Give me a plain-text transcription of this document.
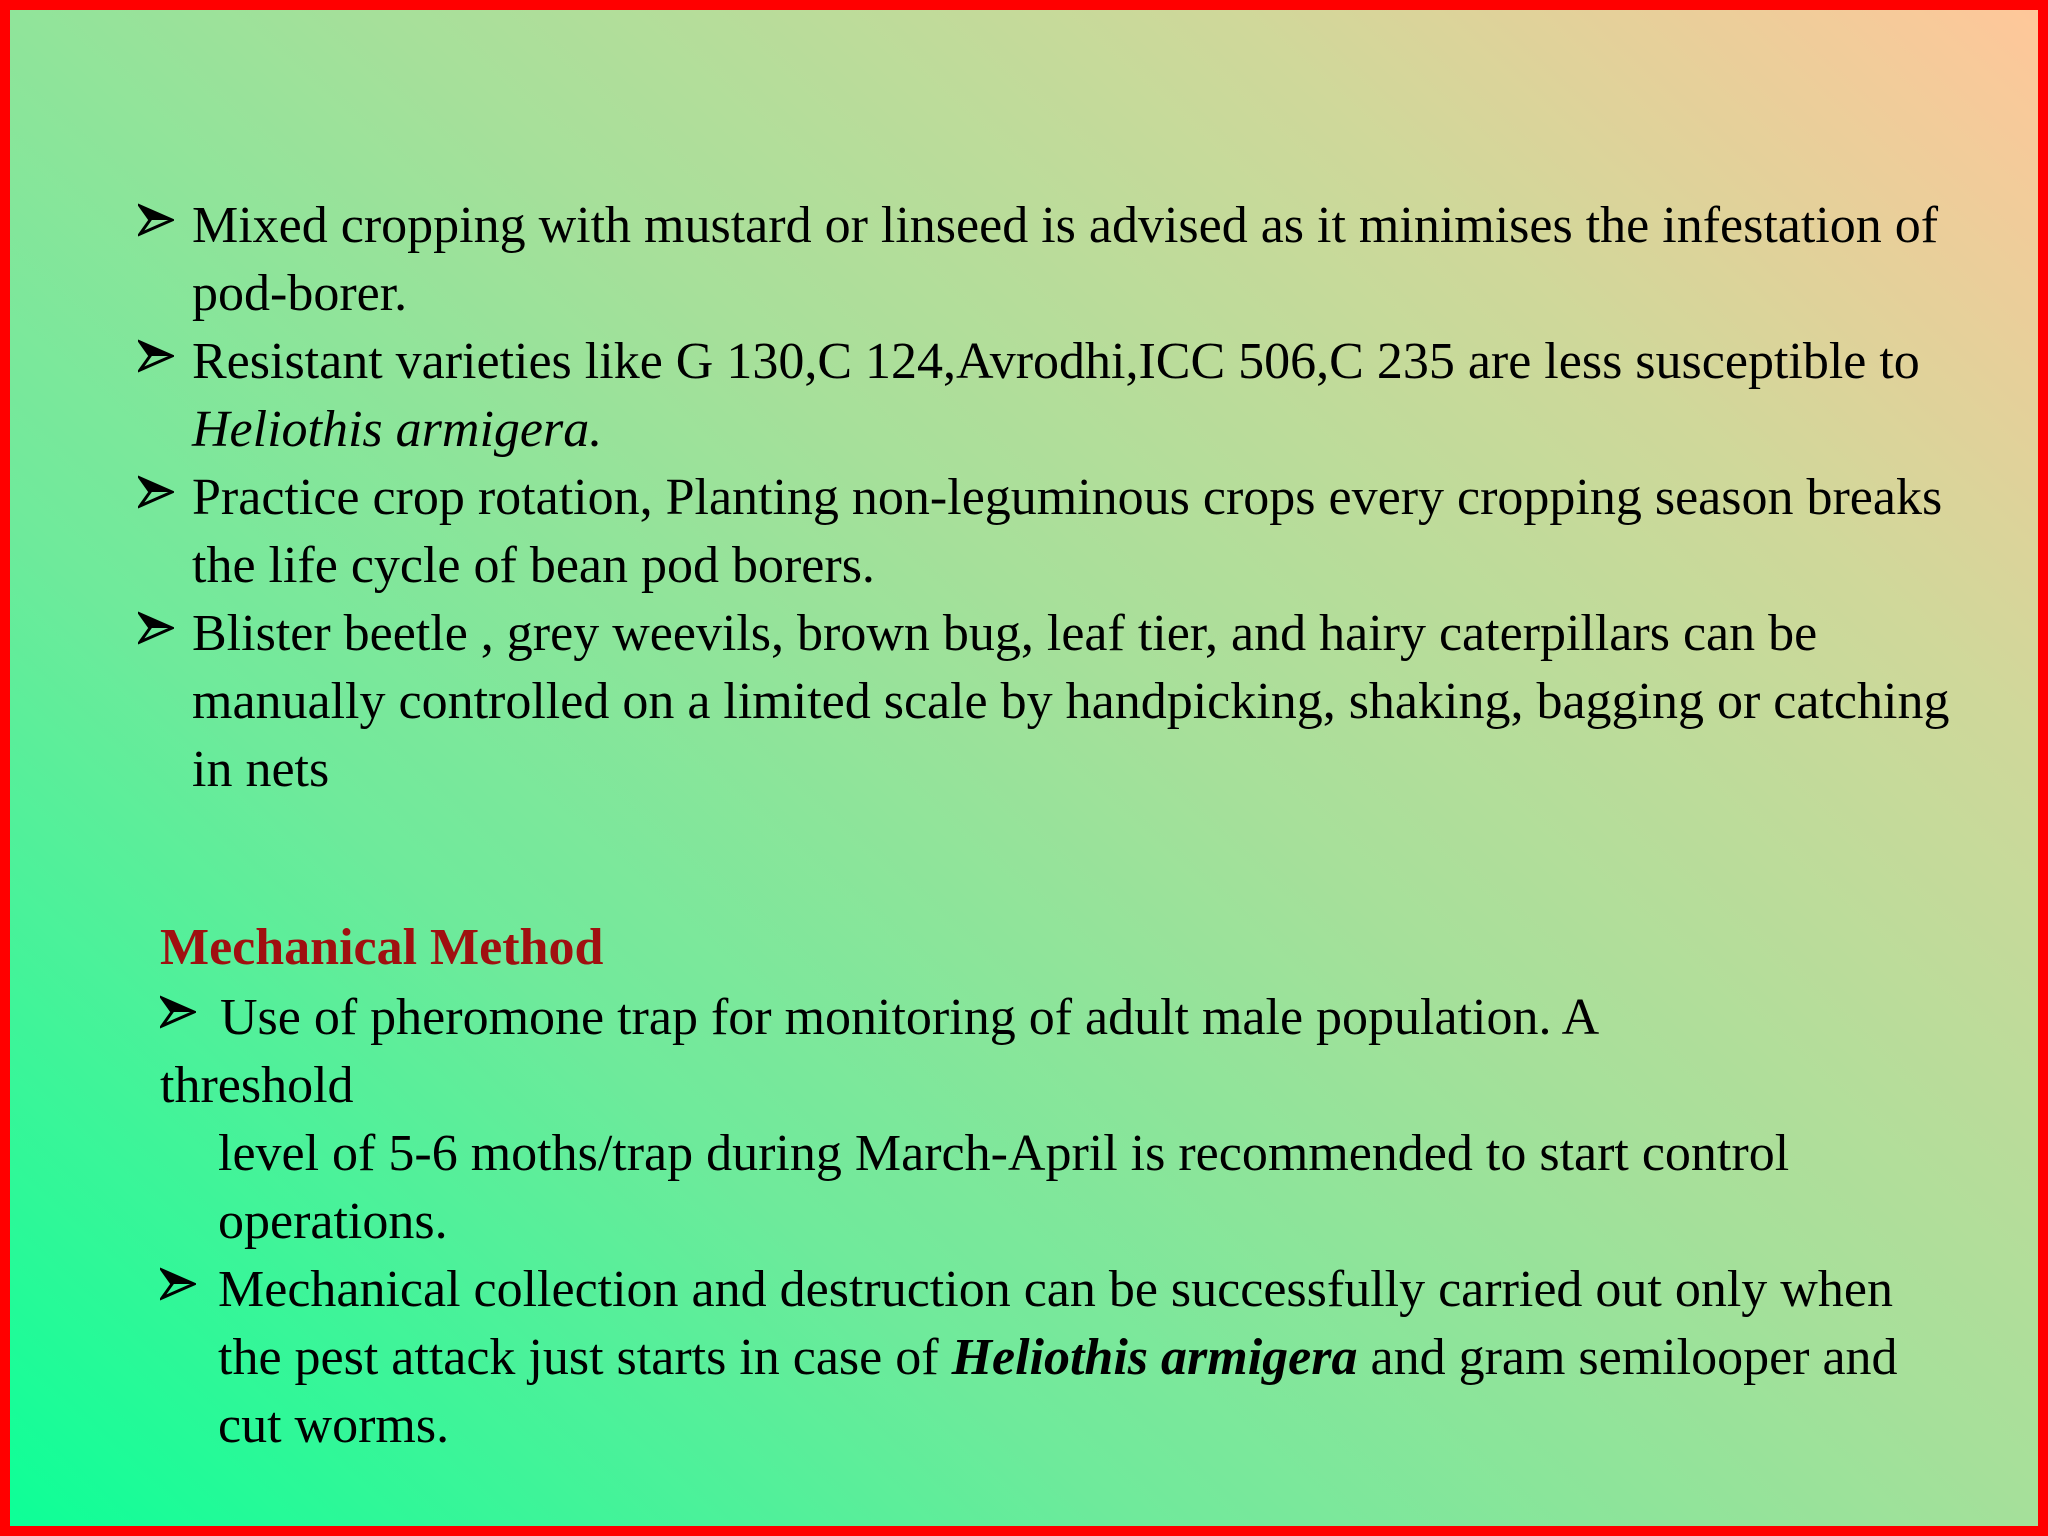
Mixed cropping with mustard or linseed is advised as it minimises the infestation of pod-borer.
Resistant varieties like G 130,C 124,Avrodhi,ICC 506,C 235 are less susceptible to Heliothis armigera.
Practice crop rotation, Planting non-leguminous crops every cropping season breaks the life cycle of bean pod borers.
Blister beetle , grey weevils, brown bug, leaf tier, and hairy caterpillars can be manually controlled on a limited scale by handpicking, shaking, bagging or catching in nets
Mechanical Method
Use of pheromone trap for monitoring of adult male population. A
threshold
level of 5-6 moths/trap during March-April is recommended to start control operations.
Mechanical collection and destruction can be successfully carried out only when the pest attack just starts in case of Heliothis armigera and gram semilooper and cut worms.
